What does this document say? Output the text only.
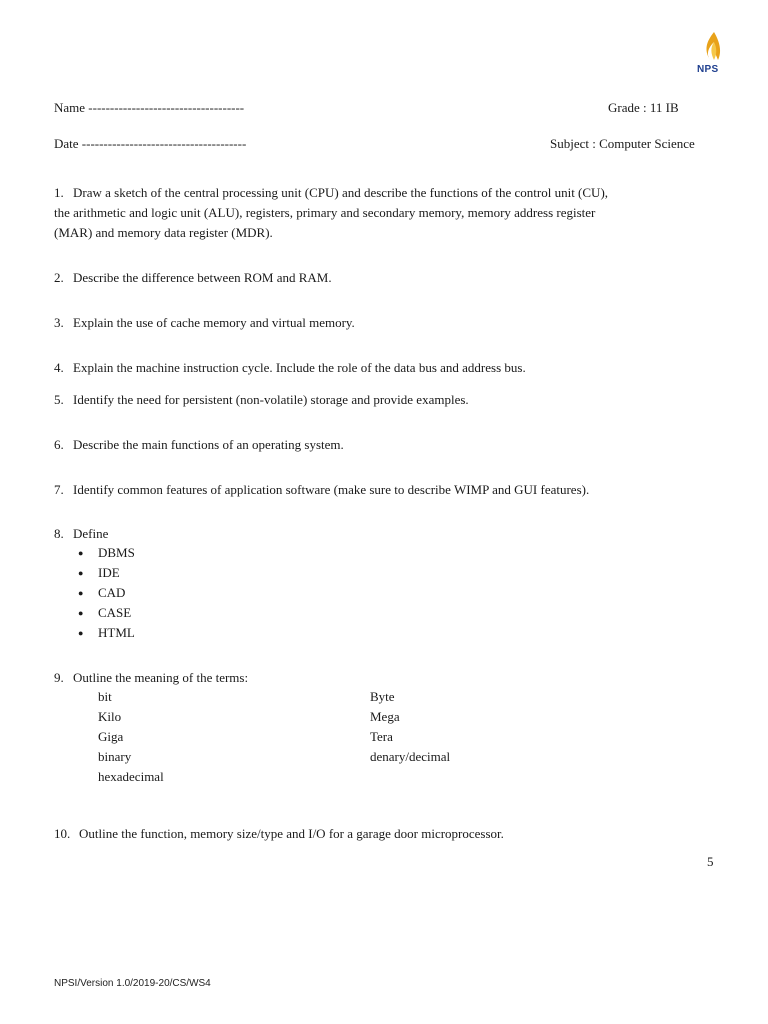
NPS
Name ------------------------------------	Grade : 11 IB
Date --------------------------------------	Subject : Computer Science
1. Draw a sketch of the central processing unit (CPU) and describe the functions of the control unit (CU),
the arithmetic and logic unit (ALU), registers, primary and secondary memory, memory address register
(MAR) and memory data register (MDR).
2. Describe the difference between ROM and RAM.
3. Explain the use of cache memory and virtual memory.
4. Explain the machine instruction cycle. Include the role of the data bus and address bus.
5. Identify the need for persistent (non-volatile) storage and provide examples.
6. Describe the main functions of an operating system.
7. Identify common features of application software (make sure to describe WIMP and GUI features).
8. Define
● DBMS
● IDE
● CAD
● CASE
● HTML
9. Outline the meaning of the terms:
bit	Byte
Kilo	Mega
Giga	Tera
binary	denary/decimal
hexadecimal
10. Outline the function, memory size/type and I/O for a garage door microprocessor.
5
NPSI/Version 1.0/2019-20/CS/WS4
